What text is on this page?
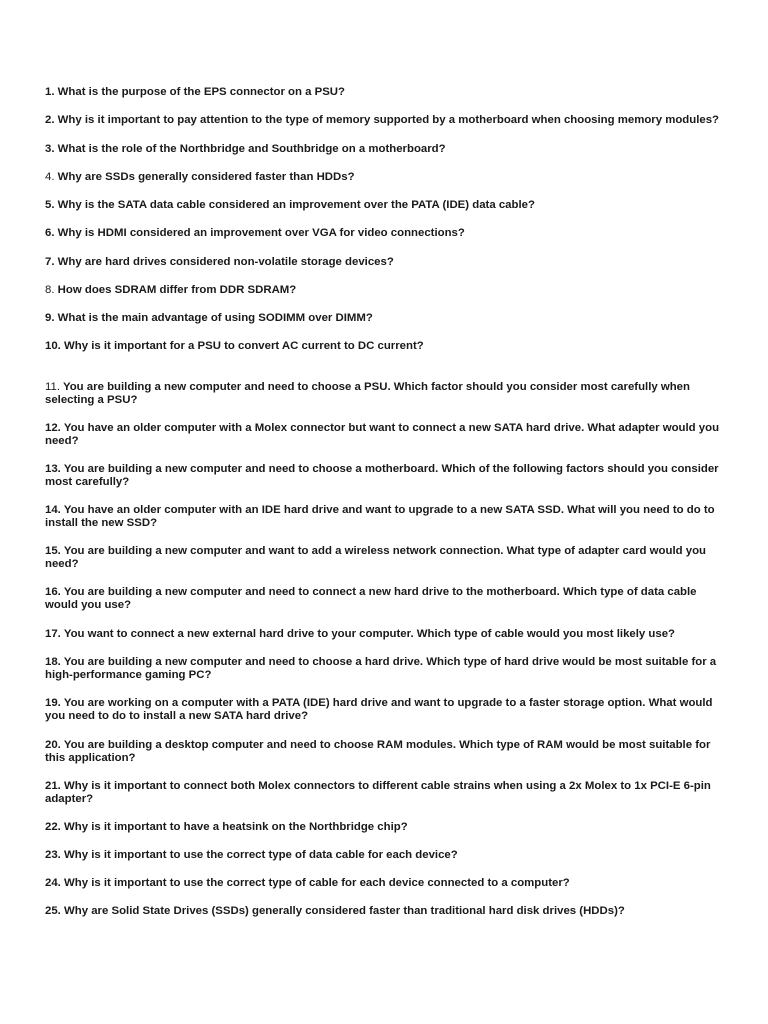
1. What is the purpose of the EPS connector on a PSU?

2. Why is it important to pay attention to the type of memory supported by a motherboard when choosing memory modules?

3. What is the role of the Northbridge and Southbridge on a motherboard?

4. Why are SSDs generally considered faster than HDDs?

5. Why is the SATA data cable considered an improvement over the PATA (IDE) data cable?

6. Why is HDMI considered an improvement over VGA for video connections?

7. Why are hard drives considered non-volatile storage devices?

8. How does SDRAM differ from DDR SDRAM?

9. What is the main advantage of using SODIMM over DIMM?

10. Why is it important for a PSU to convert AC current to DC current?

11. You are building a new computer and need to choose a PSU. Which factor should you consider most carefully when selecting a PSU?

12. You have an older computer with a Molex connector but want to connect a new SATA hard drive. What adapter would you need?

13. You are building a new computer and need to choose a motherboard. Which of the following factors should you consider most carefully?

14. You have an older computer with an IDE hard drive and want to upgrade to a new SATA SSD. What will you need to do to install the new SSD?

15. You are building a new computer and want to add a wireless network connection. What type of adapter card would you need?

16. You are building a new computer and need to connect a new hard drive to the motherboard. Which type of data cable would you use?

17. You want to connect a new external hard drive to your computer. Which type of cable would you most likely use?

18. You are building a new computer and need to choose a hard drive. Which type of hard drive would be most suitable for a high-performance gaming PC?

19. You are working on a computer with a PATA (IDE) hard drive and want to upgrade to a faster storage option. What would you need to do to install a new SATA hard drive?

20. You are building a desktop computer and need to choose RAM modules. Which type of RAM would be most suitable for this application?

21. Why is it important to connect both Molex connectors to different cable strains when using a 2x Molex to 1x PCI-E 6-pin adapter?

22. Why is it important to have a heatsink on the Northbridge chip?

23. Why is it important to use the correct type of data cable for each device?

24. Why is it important to use the correct type of cable for each device connected to a computer?

25. Why are Solid State Drives (SSDs) generally considered faster than traditional hard disk drives (HDDs)?
